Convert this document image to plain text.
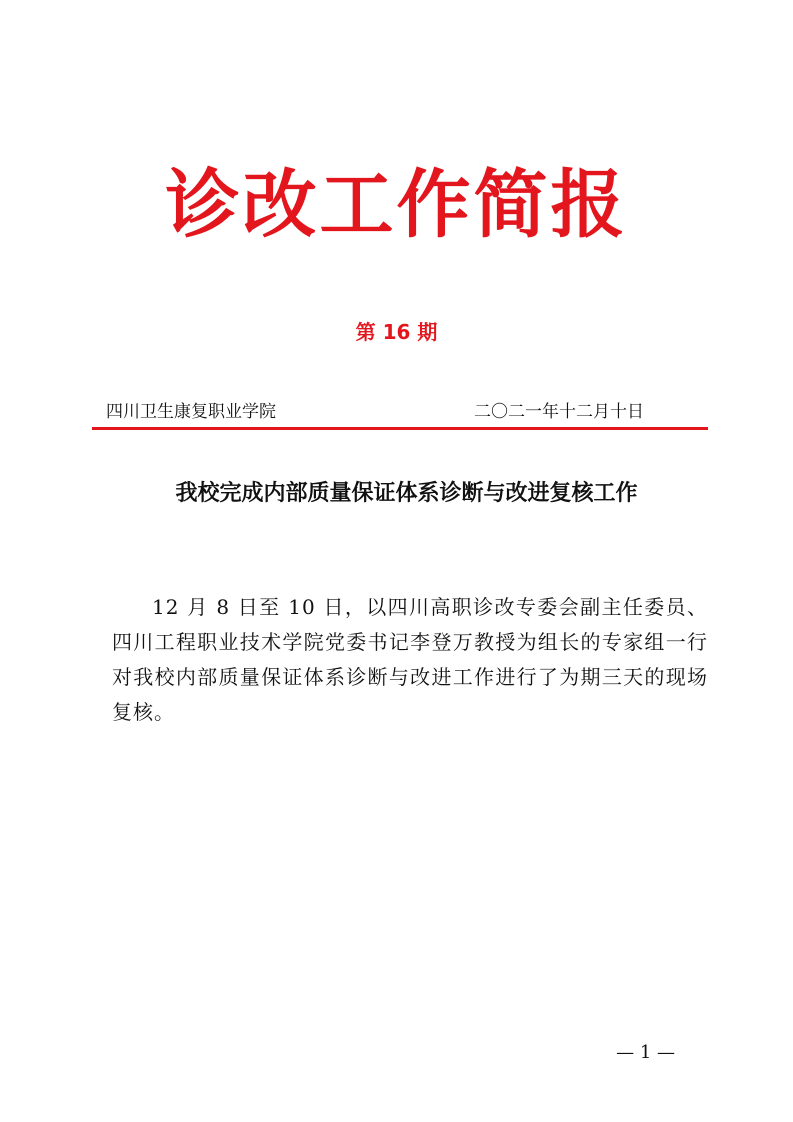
诊改工作简报
第 16 期
四川卫生康复职业学院	二〇二一年十二月十日
我校完成内部质量保证体系诊断与改进复核工作

12 月 8 日至 10 日，以四川高职诊改专委会副主任委员、四川工程职业技术学院党委书记李登万教授为组长的专家组一行对我校内部质量保证体系诊断与改进工作进行了为期三天的现场复核。

— 1 —
